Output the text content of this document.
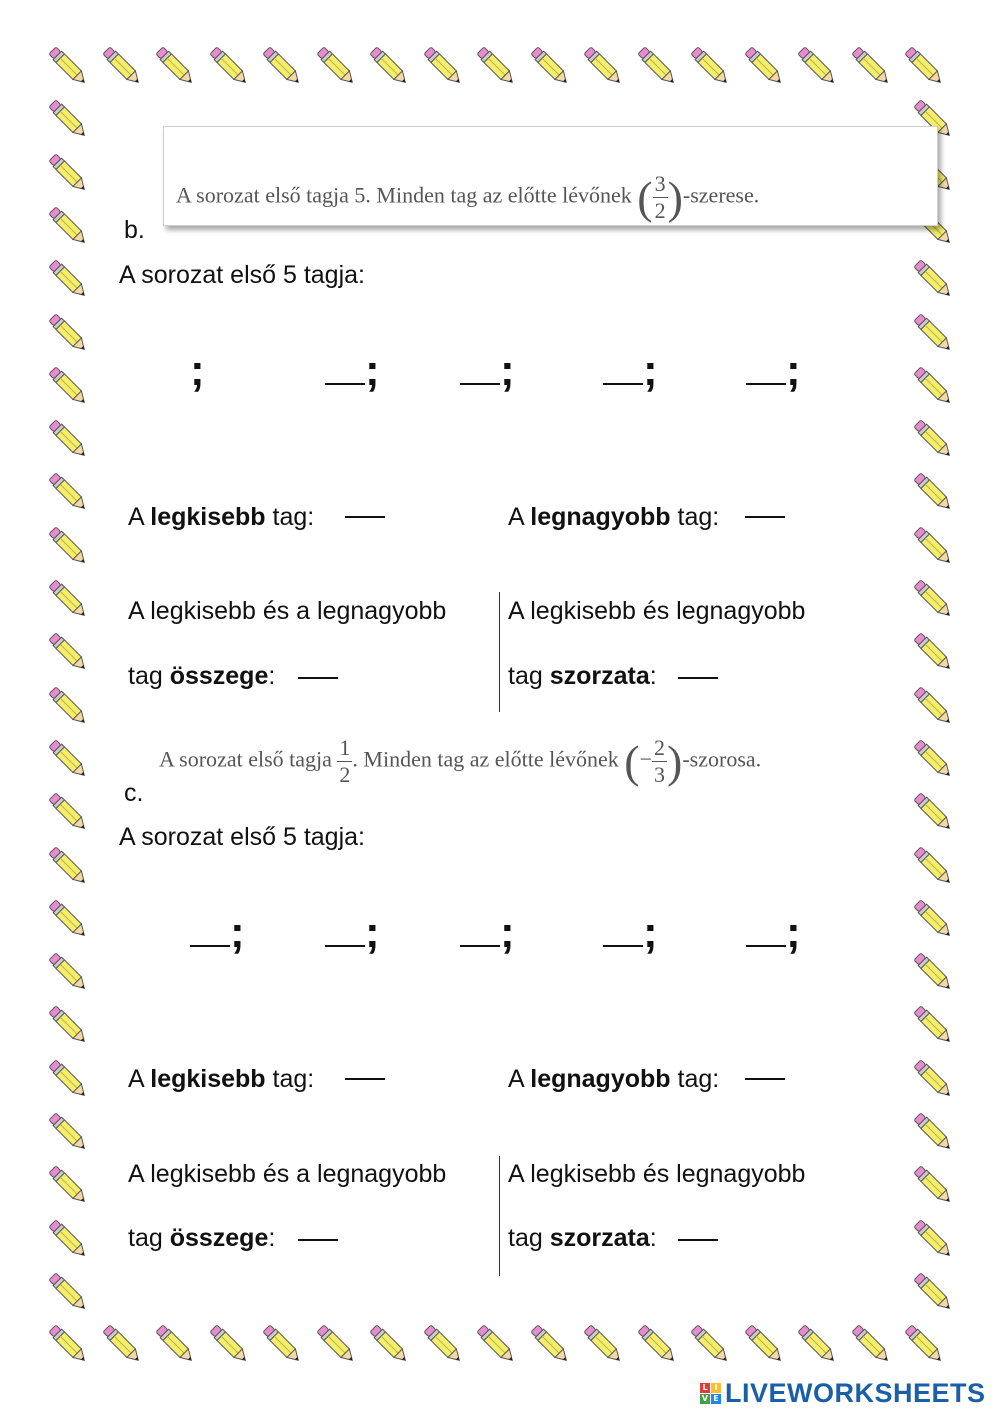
A sorozat első tagja 5. Minden tag az előtte lévőnek ( $\frac{3}{2}$ )-szerese.
b.
A sorozat első 5 tagja:
;	;	;	;	;
A legkisebb tag:	A legnagyobb tag:
A legkisebb és a legnagyobb
tag összege:
A legkisebb és legnagyobb
tag szorzata:
A sorozat első tagja $\frac{1}{2}$ . Minden tag az előtte lévőnek (− $\frac{2}{3}$ )-szorosa.
c.
A sorozat első 5 tagja:
;	;	;	;	;
A legkisebb tag:	A legnagyobb tag:
A legkisebb és a legnagyobb
tag összege:
A legkisebb és legnagyobb
tag szorzata:
L I
V E LIVEWORKSHEETS
